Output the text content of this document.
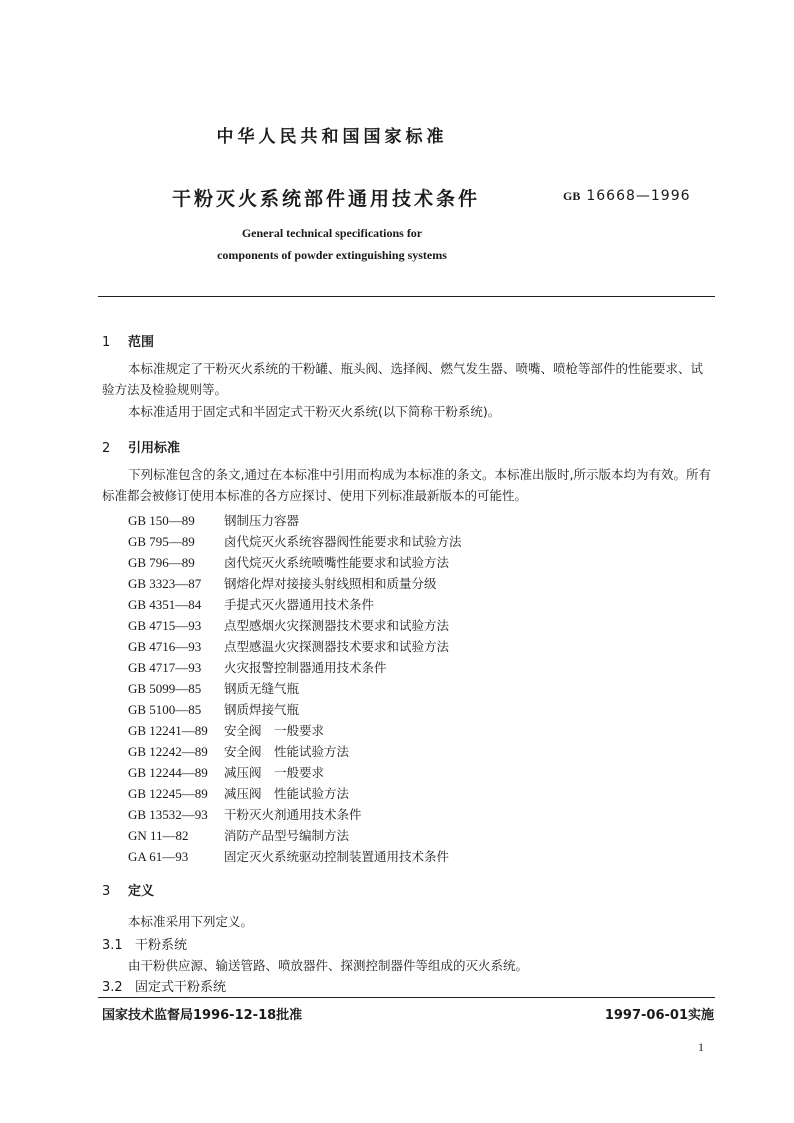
中华人民共和国国家标准
干粉灭火系统部件通用技术条件	GB 16668—1996
General technical specifications for
components of powder extinguishing systems
1 范围
本标准规定了干粉灭火系统的干粉罐、瓶头阀、选择阀、燃气发生器、喷嘴、喷枪等部件的性能要求、试验方法及检验规则等。
本标准适用于固定式和半固定式干粉灭火系统(以下简称干粉系统)。
2 引用标准
下列标准包含的条文,通过在本标准中引用而构成为本标准的条文。本标准出版时,所示版本均为有效。所有标准都会被修订使用本标准的各方应探讨、使用下列标准最新版本的可能性。
GB 150—89 钢制压力容器
GB 795—89 卤代烷灭火系统容器阀性能要求和试验方法
GB 796—89 卤代烷灭火系统喷嘴性能要求和试验方法
GB 3323—87 钢熔化焊对接接头射线照相和质量分级
GB 4351—84 手提式灭火器通用技术条件
GB 4715—93 点型感烟火灾探测器技术要求和试验方法
GB 4716—93 点型感温火灾探测器技术要求和试验方法
GB 4717—93 火灾报警控制器通用技术条件
GB 5099—85 钢质无缝气瓶
GB 5100—85 钢质焊接气瓶
GB 12241—89 安全阀　一般要求
GB 12242—89 安全阀　性能试验方法
GB 12244—89 减压阀　一般要求
GB 12245—89 减压阀　性能试验方法
GB 13532—93 干粉灭火剂通用技术条件
GN 11—82	消防产品型号编制方法
GA 61—93	固定灭火系统驱动控制装置通用技术条件
3 定义
本标准采用下列定义。
3.1 干粉系统
由干粉供应源、输送管路、喷放器件、探测控制器件等组成的灭火系统。
3.2 固定式干粉系统
国家技术监督局1996-12-18批准	1997-06-01实施
1
